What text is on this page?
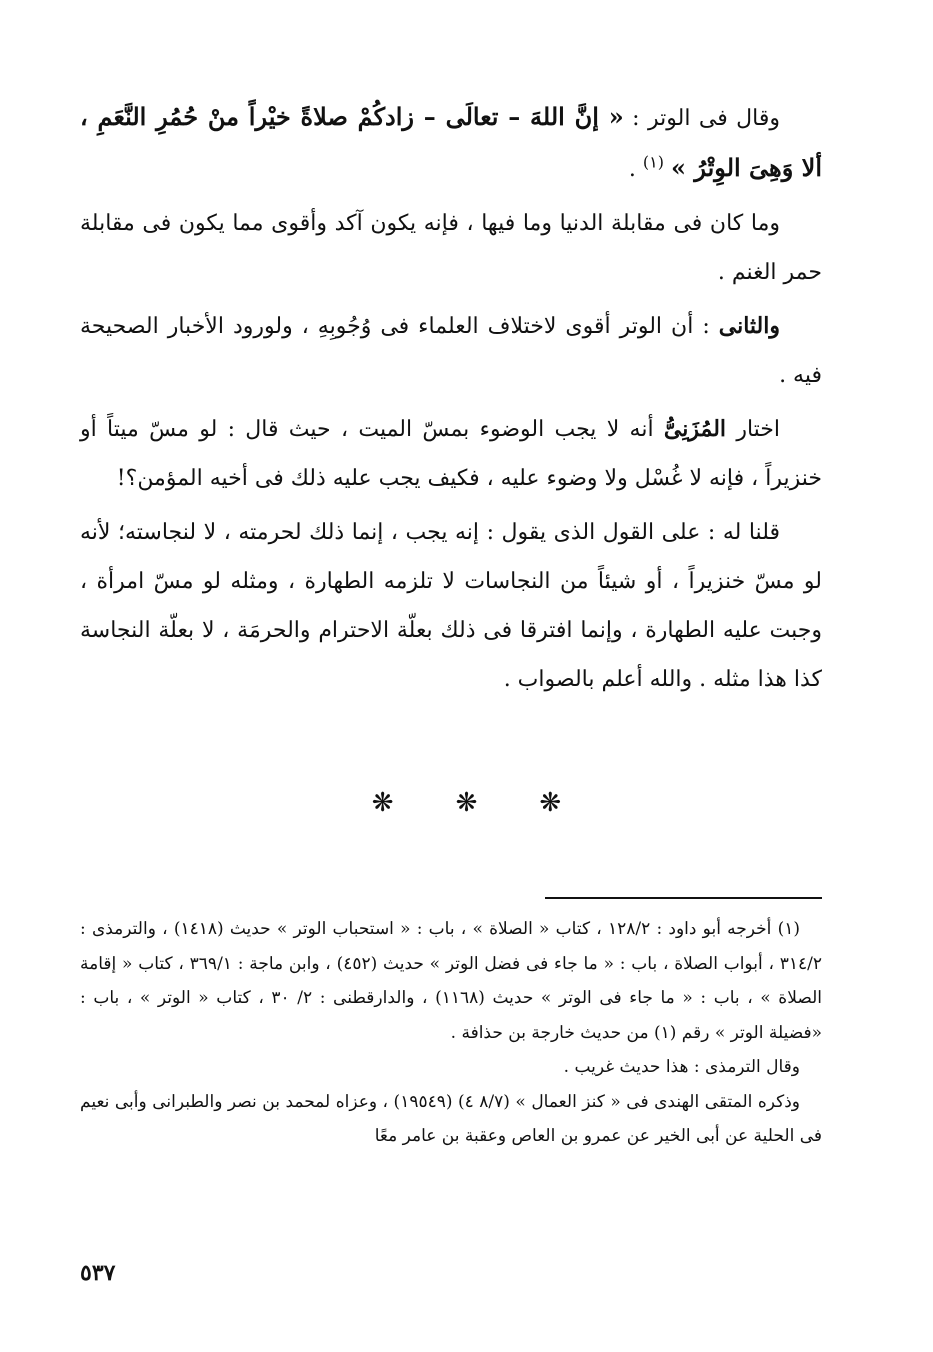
وقال فى الوتر : « إنَّ اللهَ – تعالَى – زادكُمْ صلاةً خيْراً منْ حُمُرِ النَّعَمِ ، ألا وَهِىَ الوِتْرُ » $^{(١)}$ .

وما كان فى مقابلة الدنيا وما فيها ، فإنه يكون آكد وأقوى مما يكون فى مقابلة حمر الغنم .

والثانى : أن الوتر أقوى لاختلاف العلماء فى وُجُوبِهِ ، ولورود الأخبار الصحيحة فيه .

اختار المُزَنِىُّ أنه لا يجب الوضوء بمسّ الميت ، حيث قال : لو مسّ ميتاً أو خنزيراً ، فإنه لا غُسْل ولا وضوء عليه ، فكيف يجب عليه ذلك فى أخيه المؤمن؟!

قلنا له : على القول الذى يقول : إنه يجب ، إنما ذلك لحرمته ، لا لنجاسته؛ لأنه لو مسّ خنزيراً ، أو شيئاً من النجاسات لا تلزمه الطهارة ، ومثله لو مسّ امرأة ، وجبت عليه الطهارة ، وإنما افترقا فى ذلك بعلّة الاحترام والحرمَة ، لا بعلّة النجاسة كذا هذا مثله . والله أعلم بالصواب .

❋ ❋ ❋

(١) أخرجه أبو داود : ١٢٨/٢ ، كتاب « الصلاة » ، باب : « استحباب الوتر » حديث (١٤١٨) ، والترمذى : ٣١٤/٢ ، أبواب الصلاة ، باب : « ما جاء فى فضل الوتر » حديث (٤٥٢) ، وابن ماجة : ٣٦٩/١ ، كتاب « إقامة الصلاة » ، باب : « ما جاء فى الوتر » حديث (١١٦٨) ، والدارقطنى : ٢/ ٣٠ ، كتاب « الوتر » ، باب : «فضيلة الوتر » رقم (١) من حديث خارجة بن حذافة .

وقال الترمذى : هذا حديث غريب .

وذكره المتقى الهندى فى « كنز العمال » (٨/٧ ٤) (١٩٥٤٩) ، وعزاه لمحمد بن نصر والطبرانى وأبى نعيم فى الحلية عن أبى الخير عن عمرو بن العاص وعقبة بن عامر معًا

٥٣٧
